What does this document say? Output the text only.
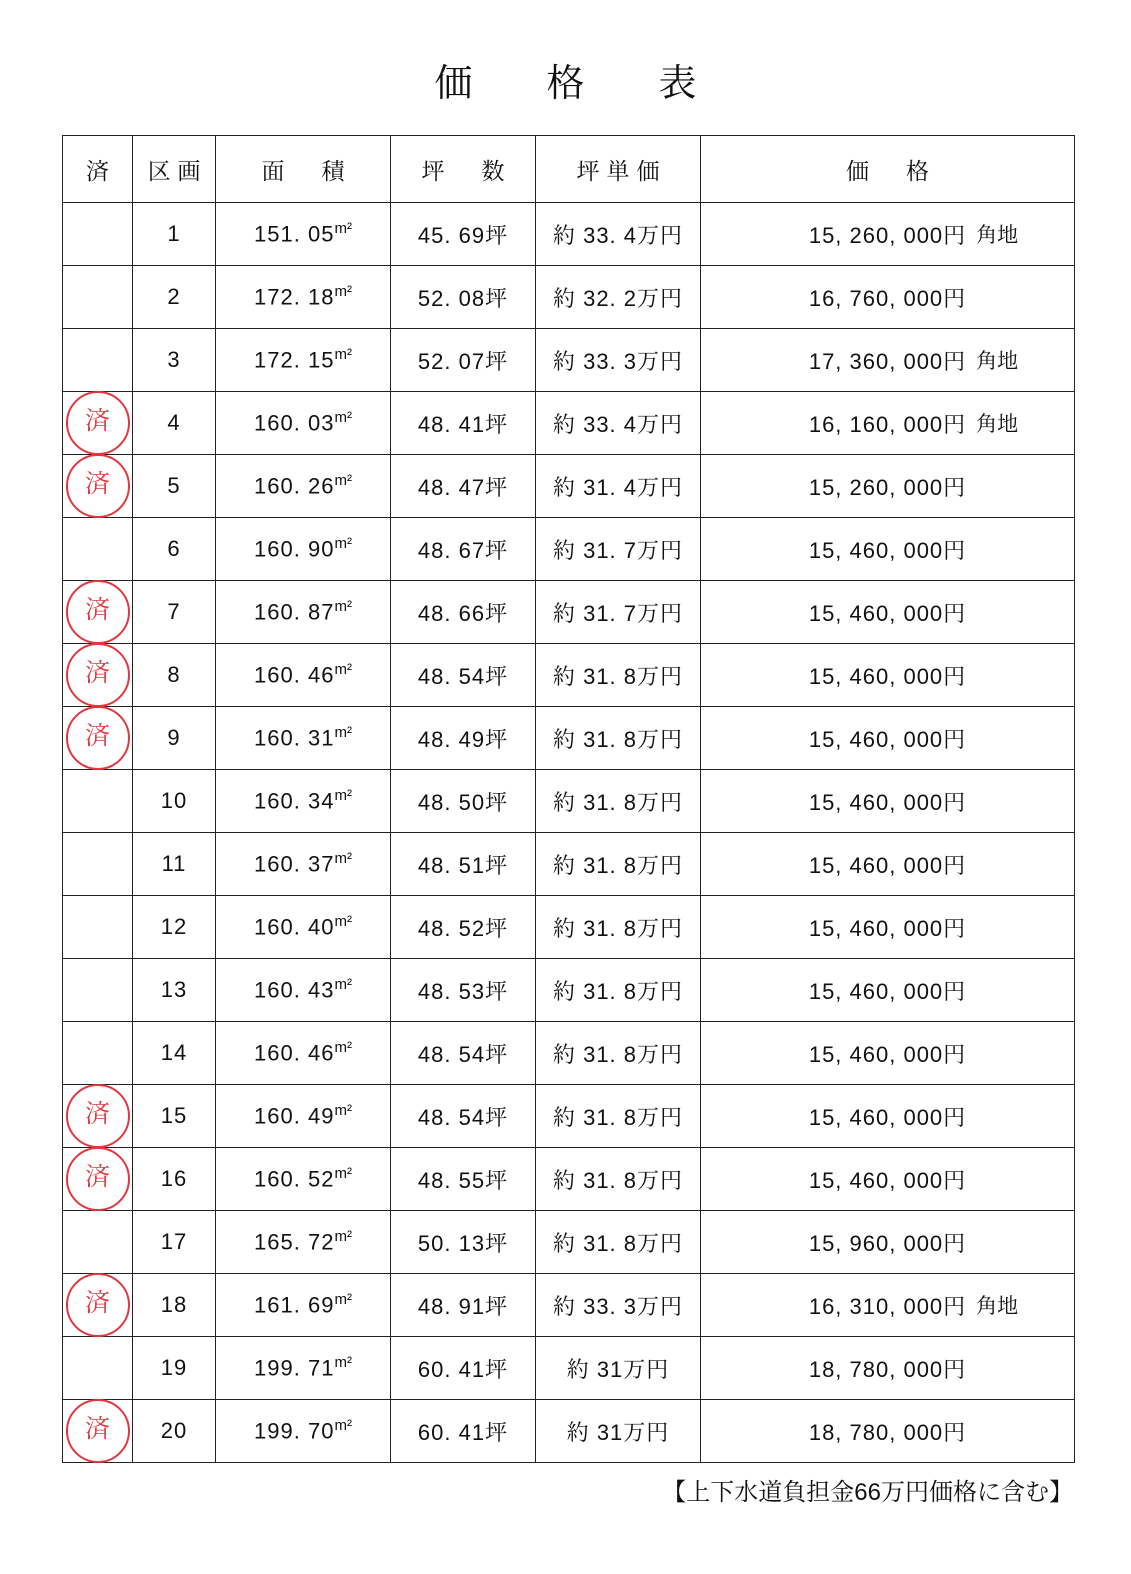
価　格　表
済	区画	面　積	坪　数	坪単価	価　格
	1	151. $05^{m^2}$	45. 69坪	約 33. 4万円	15, 260, 000円 角地

	2	172. $18^{m^2}$	52. 08坪	約 32. 2万円	16, 760, 000円
	3	172. $15^{m^2}$	52. 07坪	約 33. 3万円	17, 360, 000円 角地

済	4	160. $03^{m^2}$	48. 41坪	約 33. 4万円	16, 160, 000円 角地

済	5	160. $26^{m^2}$	48. 47坪	約 31. 4万円	15, 260, 000円
	6	160. $90^{m^2}$	48. 67坪	約 31. 7万円	15, 460, 000円

済	7	160. $87^{m^2}$	48. 66坪	約 31. 7万円	15, 460, 000円

済	8	160. $46^{m^2}$	48. 54坪	約 31. 8万円	15, 460, 000円

済	9	160. $31^{m^2}$	48. 49坪	約 31. 8万円	15, 460, 000円
	10	160. $34^{m^2}$	48. 50坪	約 31. 8万円	15, 460, 000円
	11	160. $37^{m^2}$	48. 51坪	約 31. 8万円	15, 460, 000円
	12	160. $40^{m^2}$	48. 52坪	約 31. 8万円	15, 460, 000円
	13	160. $43^{m^2}$	48. 53坪	約 31. 8万円	15, 460, 000円
	14	160. $46^{m^2}$	48. 54坪	約 31. 8万円	15, 460, 000円

済	15	160. $49^{m^2}$	48. 54坪	約 31. 8万円	15, 460, 000円

済	16	160. $52^{m^2}$	48. 55坪	約 31. 8万円	15, 460, 000円
	17	165. $72^{m^2}$	50. 13坪	約 31. 8万円	15, 960, 000円

済	18	161. $69^{m^2}$	48. 91坪	約 33. 3万円	16, 310, 000円 角地

	19	199. $71^{m^2}$	60. 41坪	約 31万円	18, 780, 000円

済	20	199. $70^{m^2}$	60. 41坪	約 31万円	18, 780, 000円
【上下水道負担金66万円価格に含む】
